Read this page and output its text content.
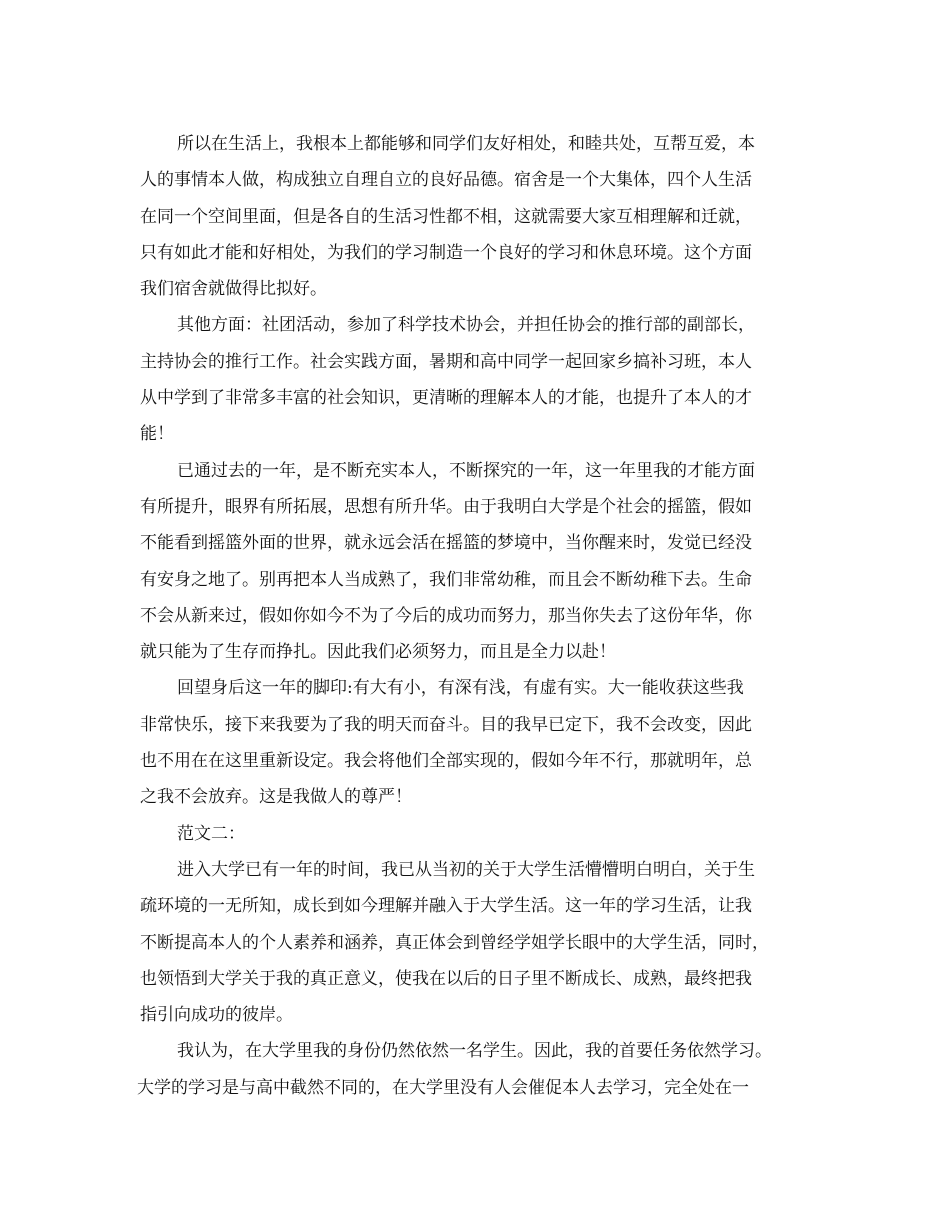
所以在生活上，我根本上都能够和同学们友好相处，和睦共处，互帮互爱，本
人的事情本人做，构成独立自理自立的良好品德。宿舍是一个大集体，四个人生活
在同一个空间里面，但是各自的生活习性都不相，这就需要大家互相理解和迁就，
只有如此才能和好相处，为我们的学习制造一个良好的学习和休息环境。这个方面
我们宿舍就做得比拟好。
其他方面：社团活动，参加了科学技术协会，并担任协会的推行部的副部长，
主持协会的推行工作。社会实践方面，暑期和高中同学一起回家乡搞补习班，本人
从中学到了非常多丰富的社会知识，更清晰的理解本人的才能，也提升了本人的才
能！
已通过去的一年，是不断充实本人，不断探究的一年，这一年里我的才能方面
有所提升，眼界有所拓展，思想有所升华。由于我明白大学是个社会的摇篮，假如
不能看到摇篮外面的世界，就永远会活在摇篮的梦境中，当你醒来时，发觉已经没
有安身之地了。别再把本人当成熟了，我们非常幼稚，而且会不断幼稚下去。生命
不会从新来过，假如你如今不为了今后的成功而努力，那当你失去了这份年华，你
就只能为了生存而挣扎。因此我们必须努力，而且是全力以赴！
回望身后这一年的脚印:有大有小，有深有浅，有虚有实。大一能收获这些我
非常快乐，接下来我要为了我的明天而奋斗。目的我早已定下，我不会改变，因此
也不用在在这里重新设定。我会将他们全部实现的，假如今年不行，那就明年，总
之我不会放弃。这是我做人的尊严！
范文二：
进入大学已有一年的时间，我已从当初的关于大学生活懵懵明白明白，关于生
疏环境的一无所知，成长到如今理解并融入于大学生活。这一年的学习生活，让我
不断提高本人的个人素养和涵养，真正体会到曾经学姐学长眼中的大学生活，同时，
也领悟到大学关于我的真正意义，使我在以后的日子里不断成长、成熟，最终把我
指引向成功的彼岸。
我认为，在大学里我的身份仍然依然一名学生。因此，我的首要任务依然学习。
大学的学习是与高中截然不同的，在大学里没有人会催促本人去学习，完全处在一
